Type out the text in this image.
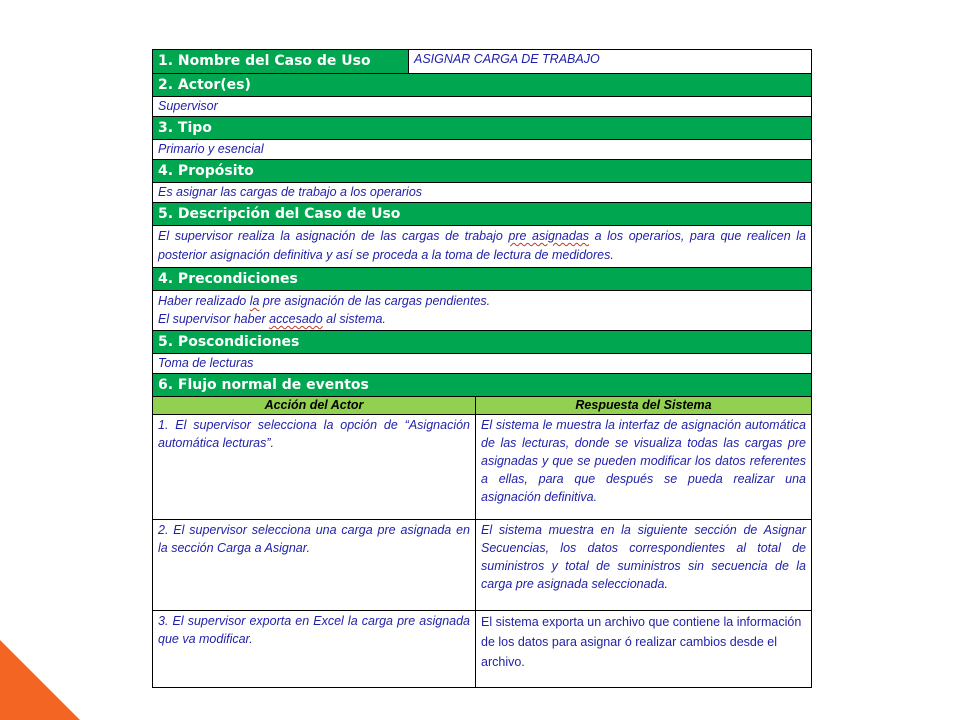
1. Nombre del Caso de Uso	ASIGNAR CARGA DE TRABAJO
2. Actor(es)
Supervisor
3. Tipo
Primario y esencial
4. Propósito
Es asignar las cargas de trabajo a los operarios
5. Descripción del Caso de Uso
El supervisor realiza la asignación de las cargas de trabajo pre asignadas a los operarios, para que realicen la posterior asignación definitiva y así se proceda a la toma de lectura de medidores.
4. Precondiciones
Haber realizado la pre asignación de las cargas pendientes.
El supervisor haber accesado al sistema.
5. Poscondiciones
Toma de lecturas
6. Flujo normal de eventos
Acción del Actor	Respuesta del Sistema
1. El supervisor selecciona la opción de “Asignación automática lecturas”.
El sistema le muestra la interfaz de asignación automática de las lecturas, donde se visualiza todas las cargas pre asignadas y que se pueden modificar los datos referentes a ellas, para que después se pueda realizar una asignación definitiva.
2. El supervisor selecciona una carga pre asignada en la sección Carga a Asignar.
El sistema muestra en la siguiente sección de Asignar Secuencias, los datos correspondientes al total de suministros y total de suministros sin secuencia de la carga pre asignada seleccionada.
3. El supervisor exporta en Excel la carga pre asignada que va modificar.
El sistema exporta un archivo que contiene la información de los datos para asignar ó realizar cambios desde el archivo.
